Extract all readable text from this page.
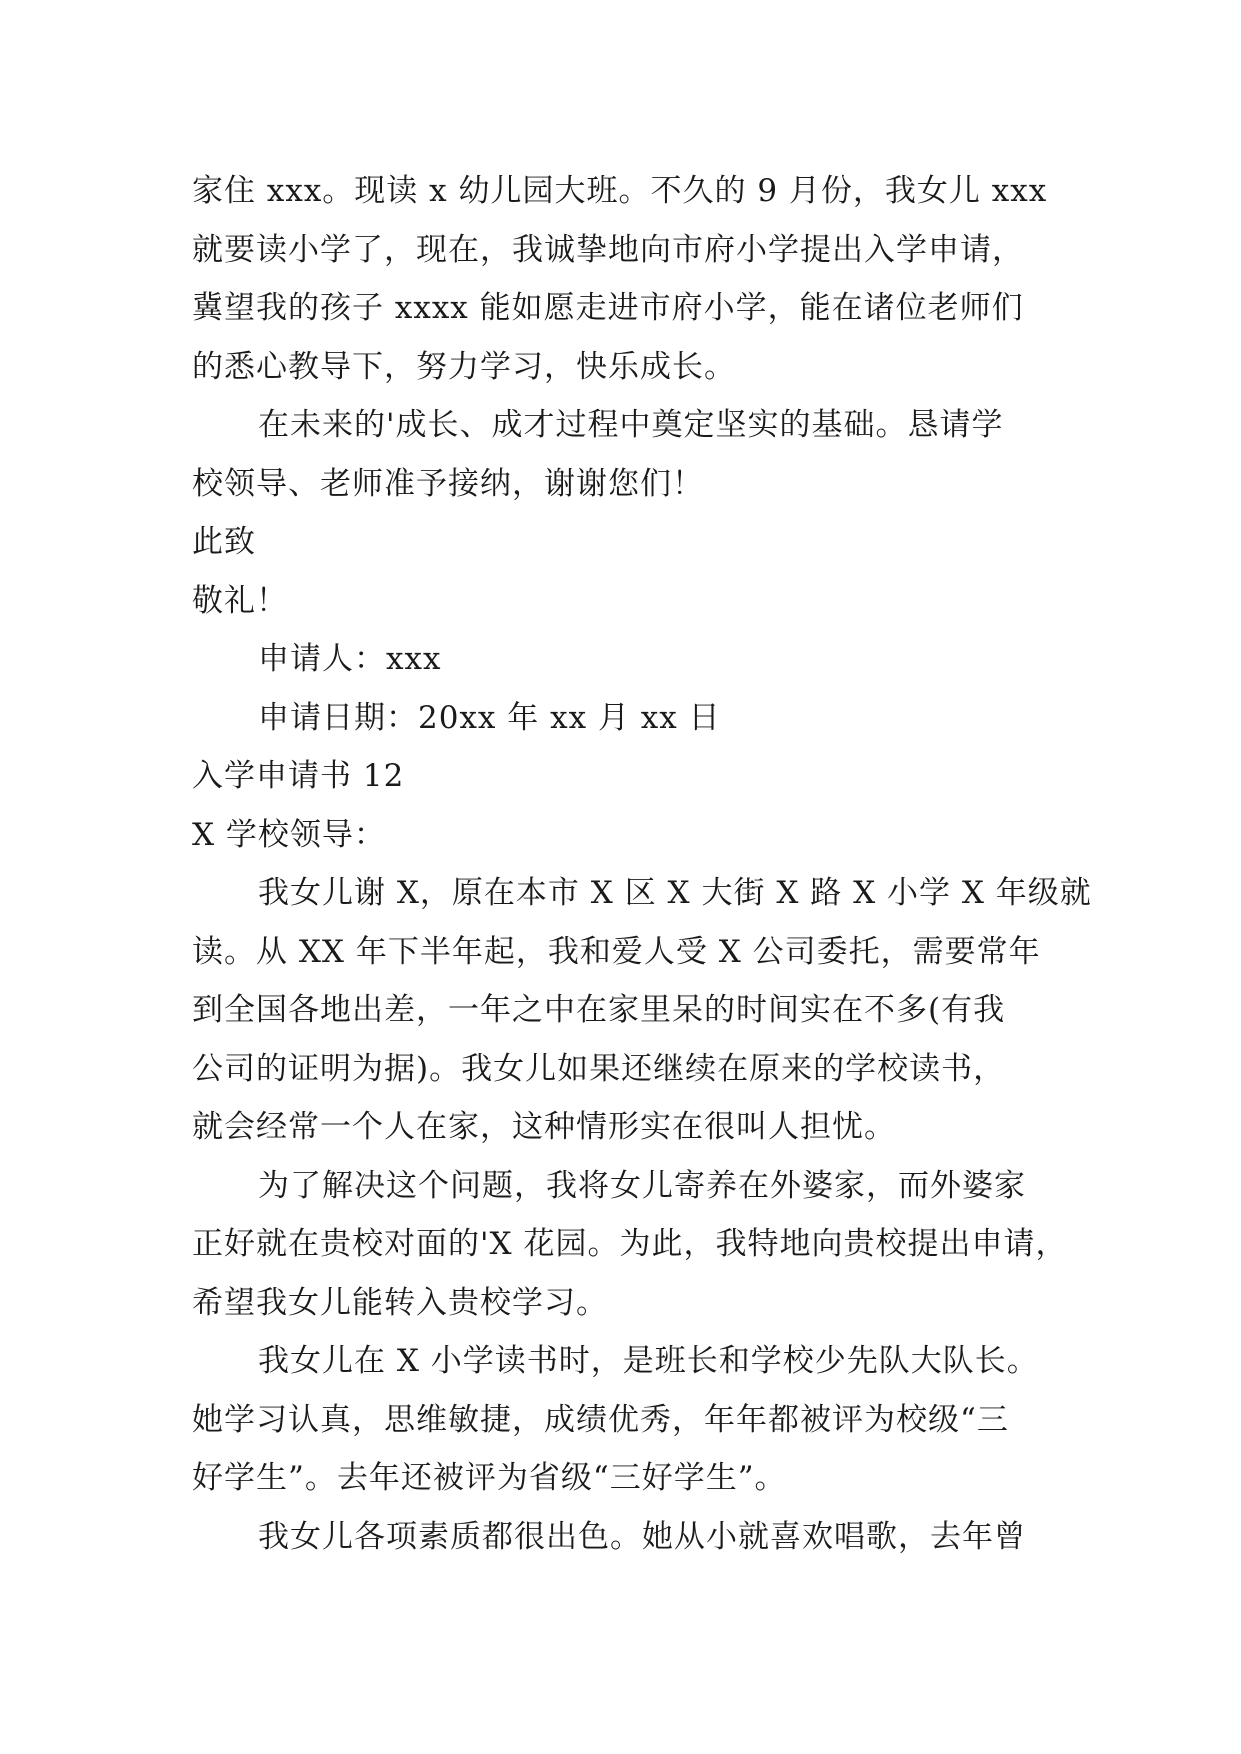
家住 xxx。现读 x 幼儿园大班。不久的 9 月份，我女儿 xxx
就要读小学了，现在，我诚挚地向市府小学提出入学申请，
冀望我的孩子 xxxx 能如愿走进市府小学，能在诸位老师们
的悉心教导下，努力学习，快乐成长。
在未来的'成长、成才过程中奠定坚实的基础。恳请学
校领导、老师准予接纳，谢谢您们！
此致
敬礼！
申请人：xxx
申请日期：20xx 年 xx 月 xx 日
入学申请书 12
X 学校领导：
我女儿谢 X，原在本市 X 区 X 大街 X 路 X 小学 X 年级就
读。从 XX 年下半年起，我和爱人受 X 公司委托，需要常年
到全国各地出差，一年之中在家里呆的时间实在不多(有我
公司的证明为据)。我女儿如果还继续在原来的学校读书，
就会经常一个人在家，这种情形实在很叫人担忧。
为了解决这个问题，我将女儿寄养在外婆家，而外婆家
正好就在贵校对面的'X 花园。为此，我特地向贵校提出申请，
希望我女儿能转入贵校学习。
我女儿在 X 小学读书时，是班长和学校少先队大队长。
她学习认真，思维敏捷，成绩优秀，年年都被评为校级“三
好学生”。去年还被评为省级“三好学生”。
我女儿各项素质都很出色。她从小就喜欢唱歌，去年曾
